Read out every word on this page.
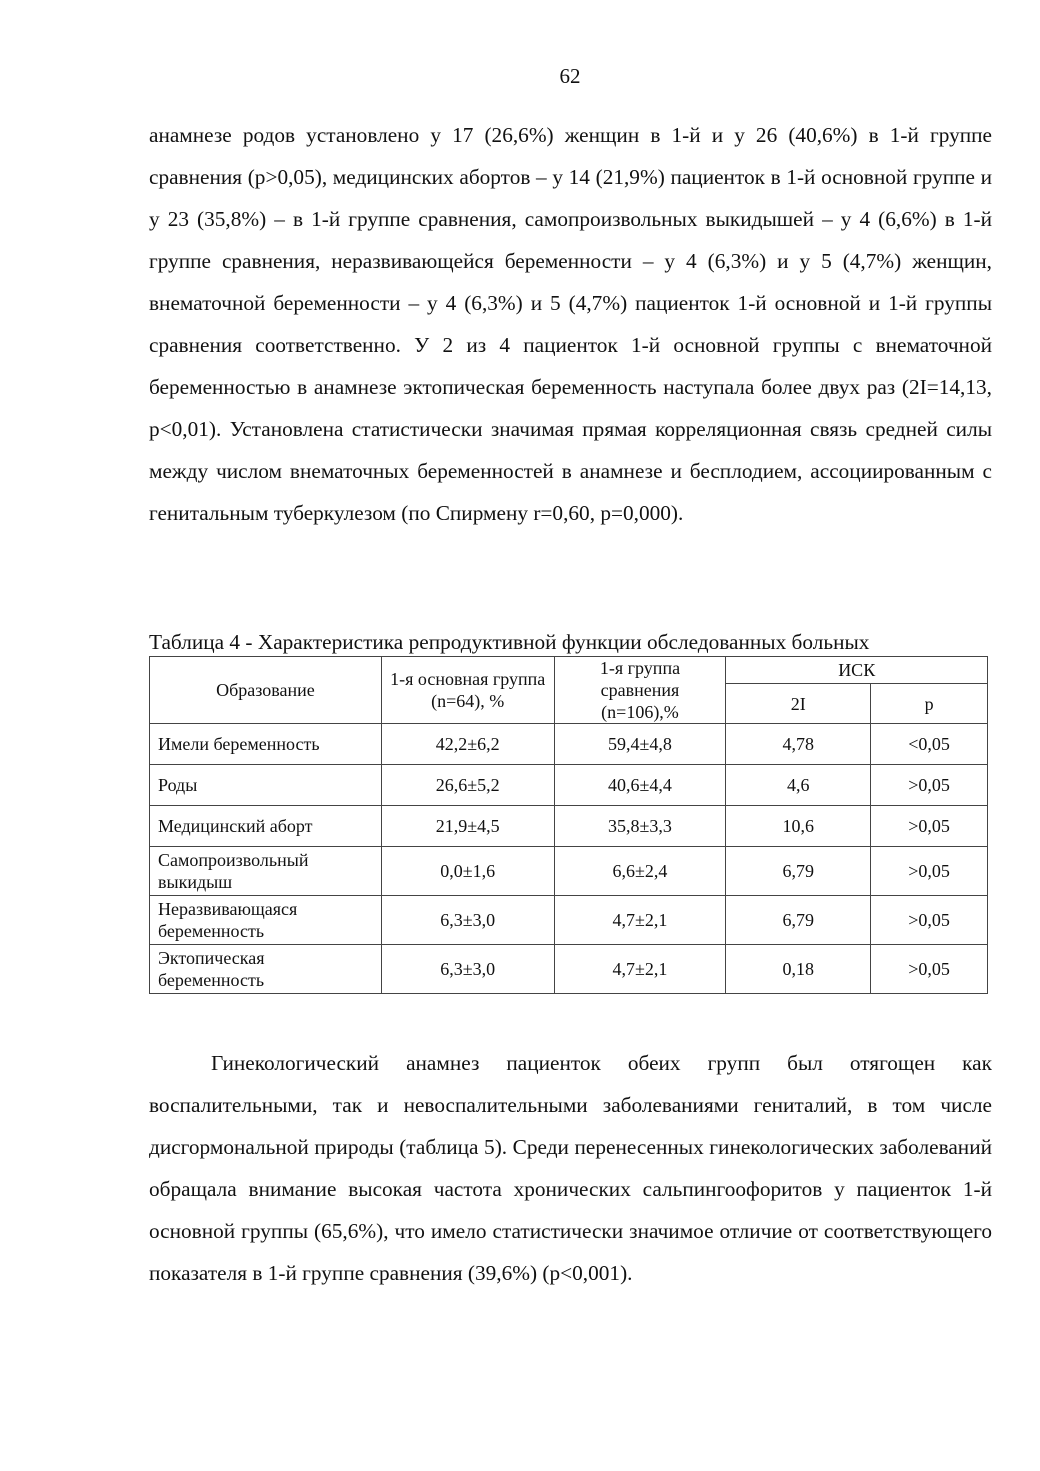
62

анамнезе родов установлено у 17 (26,6%) женщин в 1-й и у 26 (40,6%) в 1-й группе сравнения (р>0,05), медицинских абортов – у 14 (21,9%) пациенток в 1-й основной группе и у 23 (35,8%) – в 1-й группе сравнения, самопроизвольных выкидышей – у 4 (6,6%) в 1-й группе сравнения, неразвивающейся беременности – у 4 (6,3%) и у 5 (4,7%) женщин, внематочной беременности – у 4 (6,3%) и 5 (4,7%) пациенток 1-й основной и 1-й группы сравнения соответственно. У 2 из 4 пациенток 1-й основной группы с внематочной беременностью в анамнезе эктопическая беременность наступала более двух раз (2I=14,13, р<0,01). Установлена статистически значимая прямая корреляционная связь средней силы между числом внематочных беременностей в анамнезе и бесплодием, ассоциированным с генитальным туберкулезом (по Спирмену r=0,60, р=0,000).

Таблица 4 - Характеристика репродуктивной функции обследованных больных

Образование	1-я основная группа (n=64), %	1-я группа сравнения (n=106),%	ИСК	
			2I	p
Имели беременность	42,2±6,2	59,4±4,8	4,78	<0,05
Роды	26,6±5,2	40,6±4,4	4,6	>0,05
Медицинский аборт	21,9±4,5	35,8±3,3	10,6	>0,05
Самопроизвольный выкидыш	0,0±1,6	6,6±2,4	6,79	>0,05
Неразвивающаяся беременность	6,3±3,0	4,7±2,1	6,79	>0,05
Эктопическая беременность	6,3±3,0	4,7±2,1	0,18	>0,05

Гинекологический анамнез пациенток обеих групп был отягощен как воспалительными, так и невоспалительными заболеваниями гениталий, в том числе дисгормональной природы (таблица 5). Среди перенесенных гинекологических заболеваний обращала внимание высокая частота хронических сальпингоофоритов у пациенток 1-й основной группы (65,6%), что имело статистически значимое отличие от соответствующего показателя в 1-й группе сравнения (39,6%) (р<0,001).
